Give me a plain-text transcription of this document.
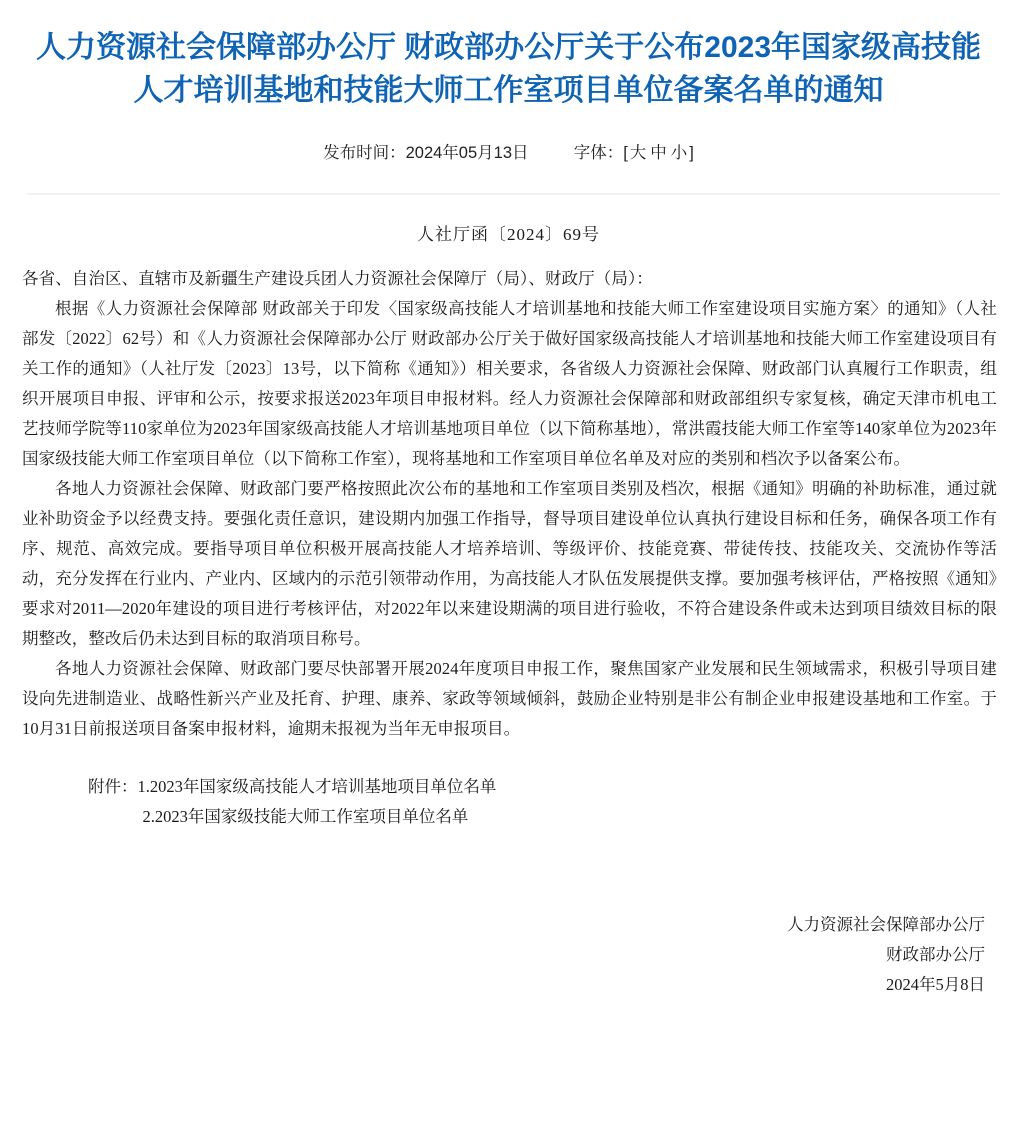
人力资源社会保障部办公厅 财政部办公厅关于公布2023年国家级高技能人才培训基地和技能大师工作室项目单位备案名单的通知
发布时间：2024年05月13日	字体：[ 大 中 小 ]

人社厅函〔2024〕69号

各省、自治区、直辖市及新疆生产建设兵团人力资源社会保障厅（局）、财政厅（局）：

根据《人力资源社会保障部 财政部关于印发〈国家级高技能人才培训基地和技能大师工作室建设项目实施方案〉的通知》（人社部发〔2022〕62号）和《人力资源社会保障部办公厅 财政部办公厅关于做好国家级高技能人才培训基地和技能大师工作室建设项目有关工作的通知》（人社厅发〔2023〕13号，以下简称《通知》）相关要求，各省级人力资源社会保障、财政部门认真履行工作职责，组织开展项目申报、评审和公示，按要求报送2023年项目申报材料。经人力资源社会保障部和财政部组织专家复核，确定天津市机电工艺技师学院等110家单位为2023年国家级高技能人才培训基地项目单位（以下简称基地），常洪霞技能大师工作室等140家单位为2023年国家级技能大师工作室项目单位（以下简称工作室），现将基地和工作室项目单位名单及对应的类别和档次予以备案公布。

各地人力资源社会保障、财政部门要严格按照此次公布的基地和工作室项目类别及档次，根据《通知》明确的补助标准，通过就业补助资金予以经费支持。要强化责任意识，建设期内加强工作指导，督导项目建设单位认真执行建设目标和任务，确保各项工作有序、规范、高效完成。要指导项目单位积极开展高技能人才培养培训、等级评价、技能竞赛、带徒传技、技能攻关、交流协作等活动，充分发挥在行业内、产业内、区域内的示范引领带动作用，为高技能人才队伍发展提供支撑。要加强考核评估，严格按照《通知》要求对2011—2020年建设的项目进行考核评估，对2022年以来建设期满的项目进行验收，不符合建设条件或未达到项目绩效目标的限期整改，整改后仍未达到目标的取消项目称号。

各地人力资源社会保障、财政部门要尽快部署开展2024年度项目申报工作，聚焦国家产业发展和民生领域需求，积极引导项目建设向先进制造业、战略性新兴产业及托育、护理、康养、家政等领域倾斜，鼓励企业特别是非公有制企业申报建设基地和工作室。于10月31日前报送项目备案申报材料，逾期未报视为当年无申报项目。

附件：1.2023年国家级高技能人才培训基地项目单位名单
2.2023年国家级技能大师工作室项目单位名单
人力资源社会保障部办公厅
财政部办公厅
2024年5月8日
